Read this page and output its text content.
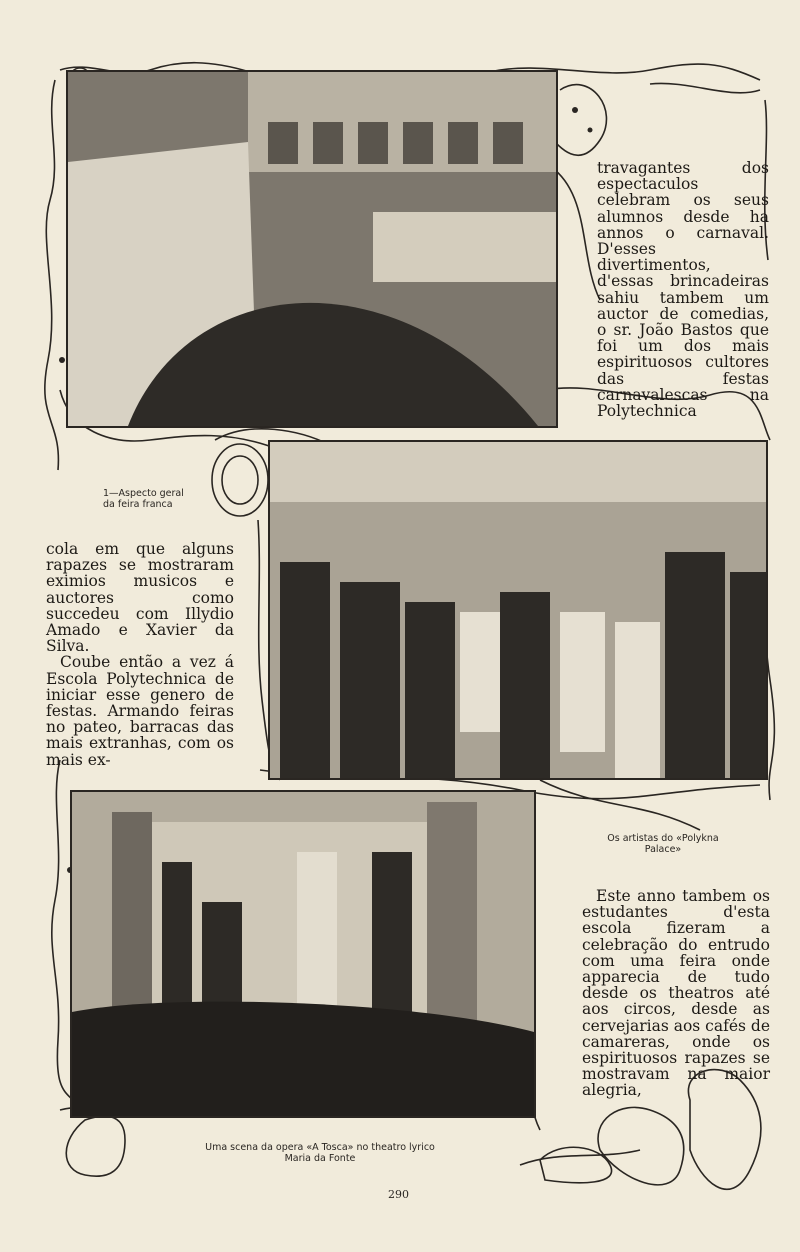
1—Aspecto geral
da feira franca
Os artistas do «Polykna
Palace»
Uma scena da opera «A Tosca» no theatro lyrico
Maria da Fonte

travagantes dos espectaculos celebram os seus alumnos desde ha annos o carnaval. D'esses divertimentos, d'essas brincadeiras sahiu tambem um auctor de comedias, o sr. João Bastos que foi um dos mais espirituosos cultores das festas carnavalescas na Polytechnica

cola em que alguns rapazes se mostraram eximios musicos e auctores como succedeu com Illydio Amado e Xavier da Silva.

Coube então a vez á Escola Polytechnica de iniciar esse genero de festas. Armando feiras no pateo, barracas das mais extranhas, com os mais ex-

Este anno tambem os estudantes d'esta escola fizeram a celebração do entrudo com uma feira onde apparecia de tudo desde os theatros até aos circos, desde as cervejarias aos cafés de camareras, onde os espirituosos rapazes se mostravam na maior alegria,

290
